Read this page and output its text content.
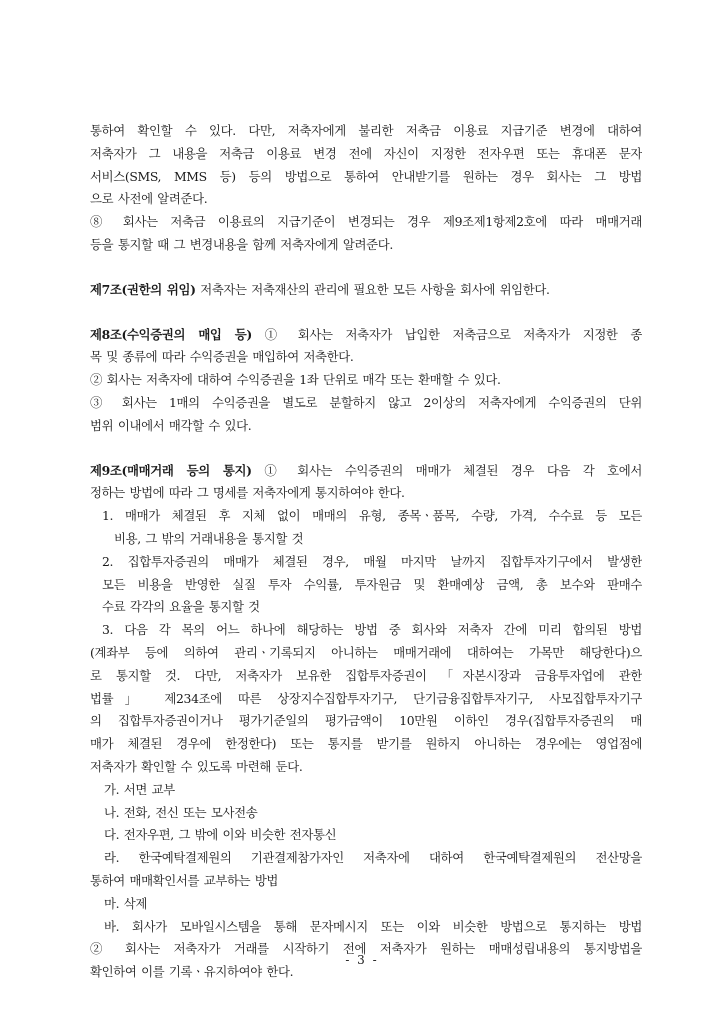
통하여 확인할 수 있다. 다만, 저축자에게 불리한 저축금 이용료 지급기준 변경에 대하여
저축자가 그 내용을 저축금 이용료 변경 전에 자신이 지정한 전자우편 또는 휴대폰 문자
서비스(SMS, MMS 등) 등의 방법으로 통하여 안내받기를 원하는 경우 회사는 그 방법
으로 사전에 알려준다.
⑧ 회사는 저축금 이용료의 지급기준이 변경되는 경우 제9조제1항제2호에 따라 매매거래
등을 통지할 때 그 변경내용을 함께 저축자에게 알려준다.
제7조(권한의 위임) 저축자는 저축재산의 관리에 필요한 모든 사항을 회사에 위임한다.
제8조(수익증권의 매입 등) ① 회사는 저축자가 납입한 저축금으로 저축자가 지정한 종
목 및 종류에 따라 수익증권을 매입하여 저축한다.
② 회사는 저축자에 대하여 수익증권을 1좌 단위로 매각 또는 환매할 수 있다.
③ 회사는 1매의 수익증권을 별도로 분할하지 않고 2이상의 저축자에게 수익증권의 단위
범위 이내에서 매각할 수 있다.
제9조(매매거래 등의 통지) ① 회사는 수익증권의 매매가 체결된 경우 다음 각 호에서
정하는 방법에 따라 그 명세를 저축자에게 통지하여야 한다.
1. 매매가 체결된 후 지체 없이 매매의 유형, 종목ㆍ품목, 수량, 가격, 수수료 등 모든
비용, 그 밖의 거래내용을 통지할 것
2. 집합투자증권의 매매가 체결된 경우, 매월 마지막 날까지 집합투자기구에서 발생한
모든 비용을 반영한 실질 투자 수익률, 투자원금 및 환매예상 금액, 총 보수와 판매수
수료 각각의 요율을 통지할 것
3. 다음 각 목의 어느 하나에 해당하는 방법 중 회사와 저축자 간에 미리 합의된 방법
(계좌부 등에 의하여 관리ㆍ기록되지 아니하는 매매거래에 대하여는 가목만 해당한다)으
로 통지할 것. 다만, 저축자가 보유한 집합투자증권이 「자본시장과 금융투자업에 관한
법률」 제234조에 따른 상장지수집합투자기구, 단기금융집합투자기구, 사모집합투자기구
의 집합투자증권이거나 평가기준일의 평가금액이 10만원 이하인 경우(집합투자증권의 매
매가 체결된 경우에 한정한다) 또는 통지를 받기를 원하지 아니하는 경우에는 영업점에
저축자가 확인할 수 있도록 마련해 둔다.
가. 서면 교부
나. 전화, 전신 또는 모사전송
다. 전자우편, 그 밖에 이와 비슷한 전자통신
라. 한국예탁결제원의 기관결제참가자인 저축자에 대하여 한국예탁결제원의 전산망을
통하여 매매확인서를 교부하는 방법
마. 삭제
바. 회사가 모바일시스템을 통해 문자메시지 또는 이와 비슷한 방법으로 통지하는 방법
② 회사는 저축자가 거래를 시작하기 전에 저축자가 원하는 매매성립내용의 통지방법을
확인하여 이를 기록ㆍ유지하여야 한다.
- 3 -
